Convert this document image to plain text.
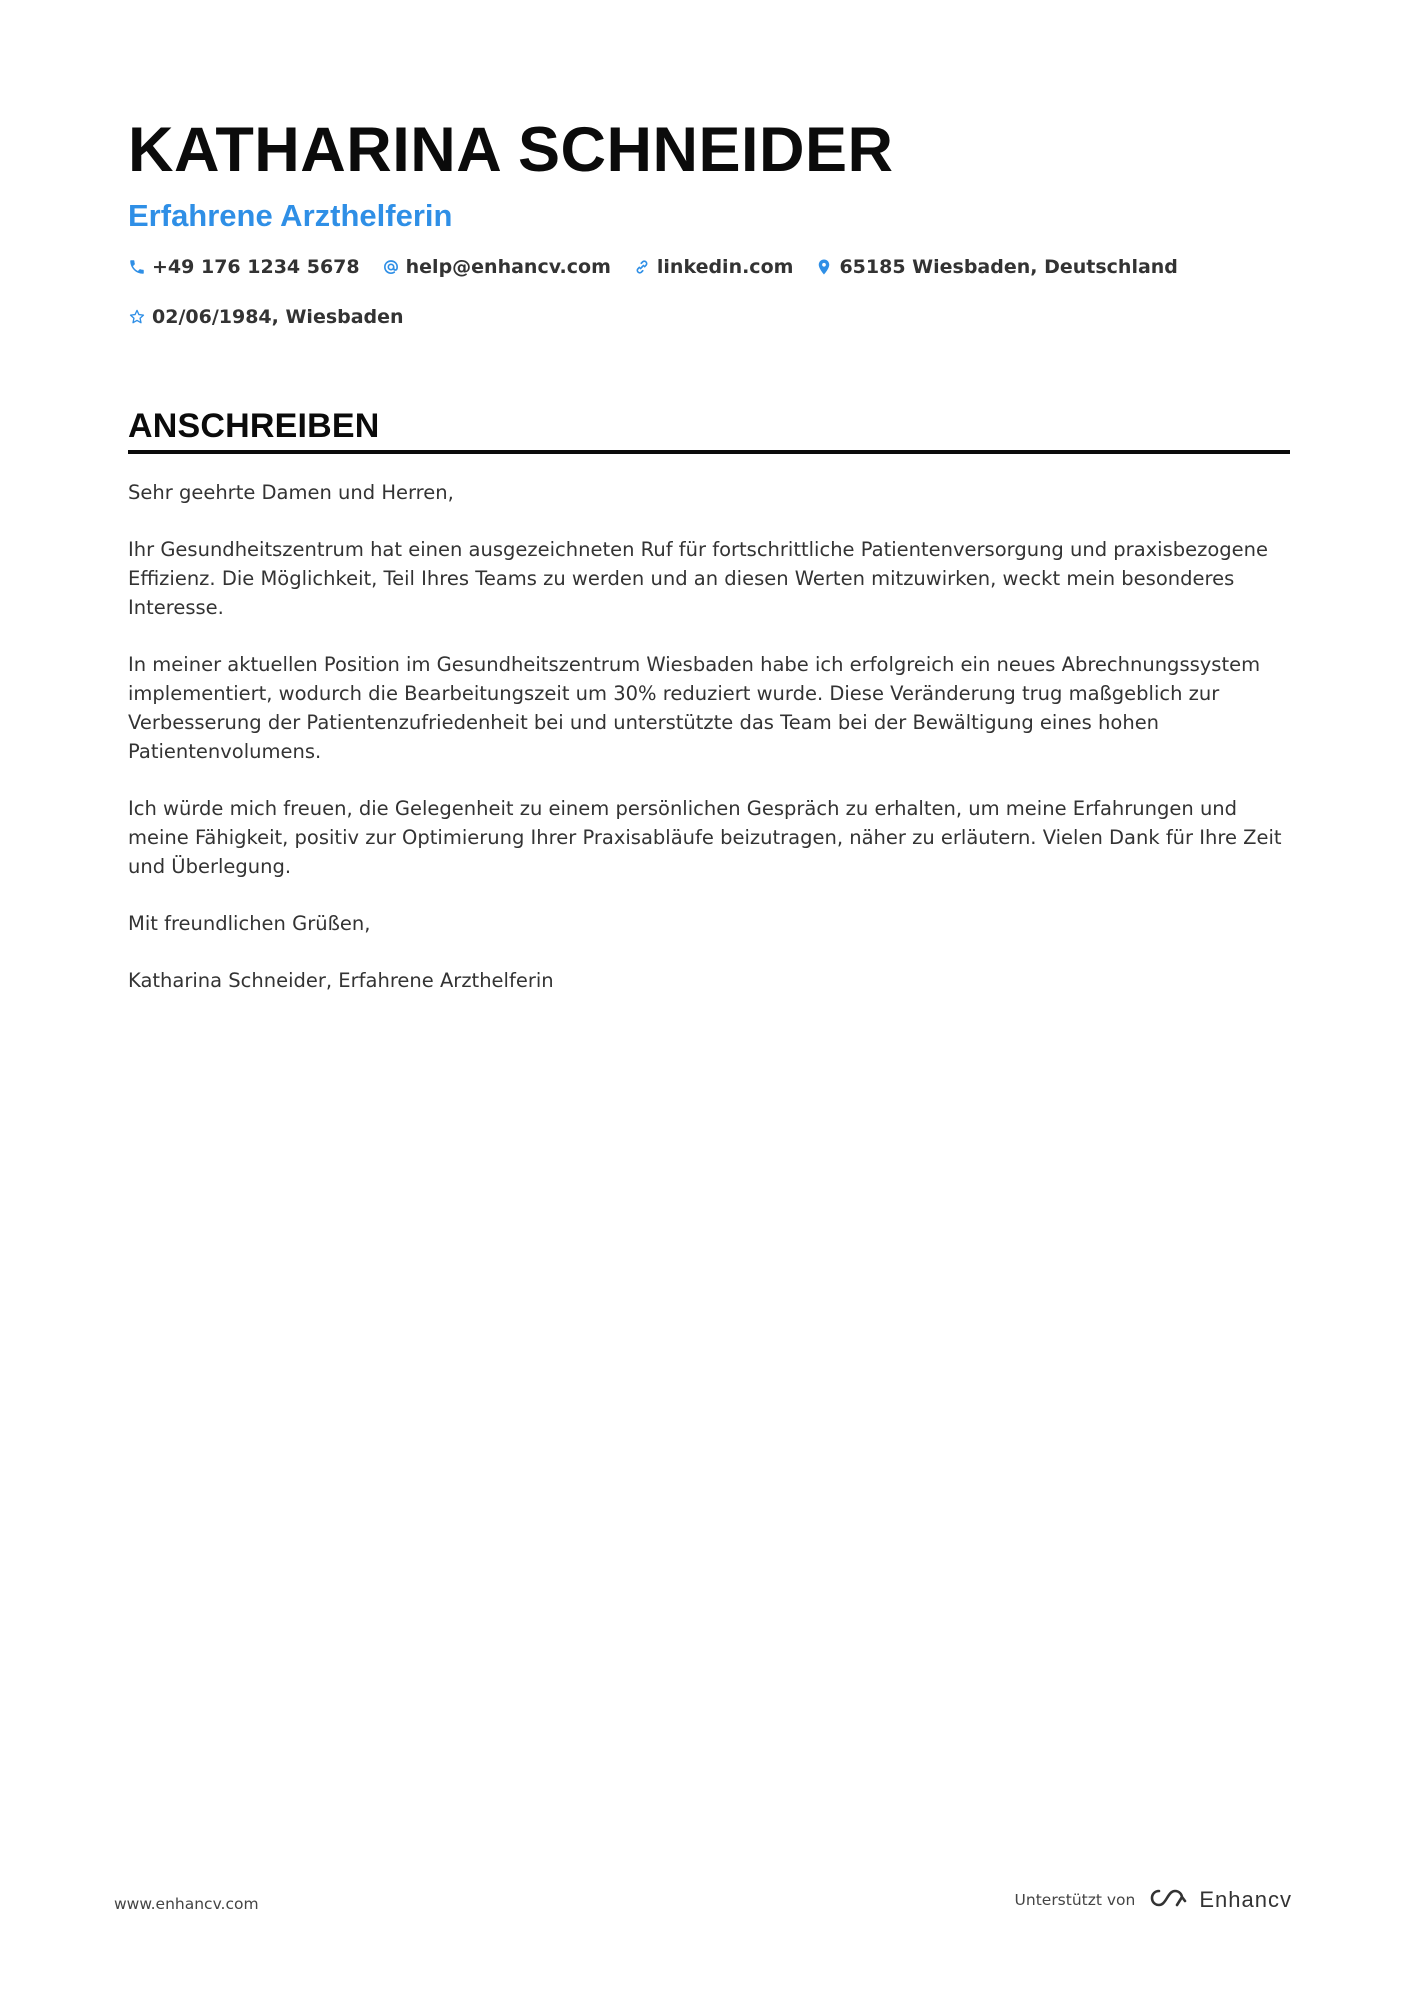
KATHARINA SCHNEIDER
Erfahrene Arzthelferin
+49 176 1234 5678 help@enhancv.com linkedin.com 65185 Wiesbaden, Deutschland
02/06/1984, Wiesbaden
ANSCHREIBEN

Sehr geehrte Damen und Herren,

Ihr Gesundheitszentrum hat einen ausgezeichneten Ruf für fortschrittliche Patientenversorgung und praxisbezogene Effizienz. Die Möglichkeit, Teil Ihres Teams zu werden und an diesen Werten mitzuwirken, weckt mein besonderes Interesse.

In meiner aktuellen Position im Gesundheitszentrum Wiesbaden habe ich erfolgreich ein neues Abrechnungssystem implementiert, wodurch die Bearbeitungszeit um 30% reduziert wurde. Diese Veränderung trug maßgeblich zur Verbesserung der Patientenzufriedenheit bei und unterstützte das Team bei der Bewältigung eines hohen Patientenvolumens.

Ich würde mich freuen, die Gelegenheit zu einem persönlichen Gespräch zu erhalten, um meine Erfahrungen und meine Fähigkeit, positiv zur Optimierung Ihrer Praxisabläufe beizutragen, näher zu erläutern. Vielen Dank für Ihre Zeit und Überlegung.

Mit freundlichen Grüßen,

Katharina Schneider, Erfahrene Arzthelferin

www.enhancv.com	Unterstützt von	Enhancv
